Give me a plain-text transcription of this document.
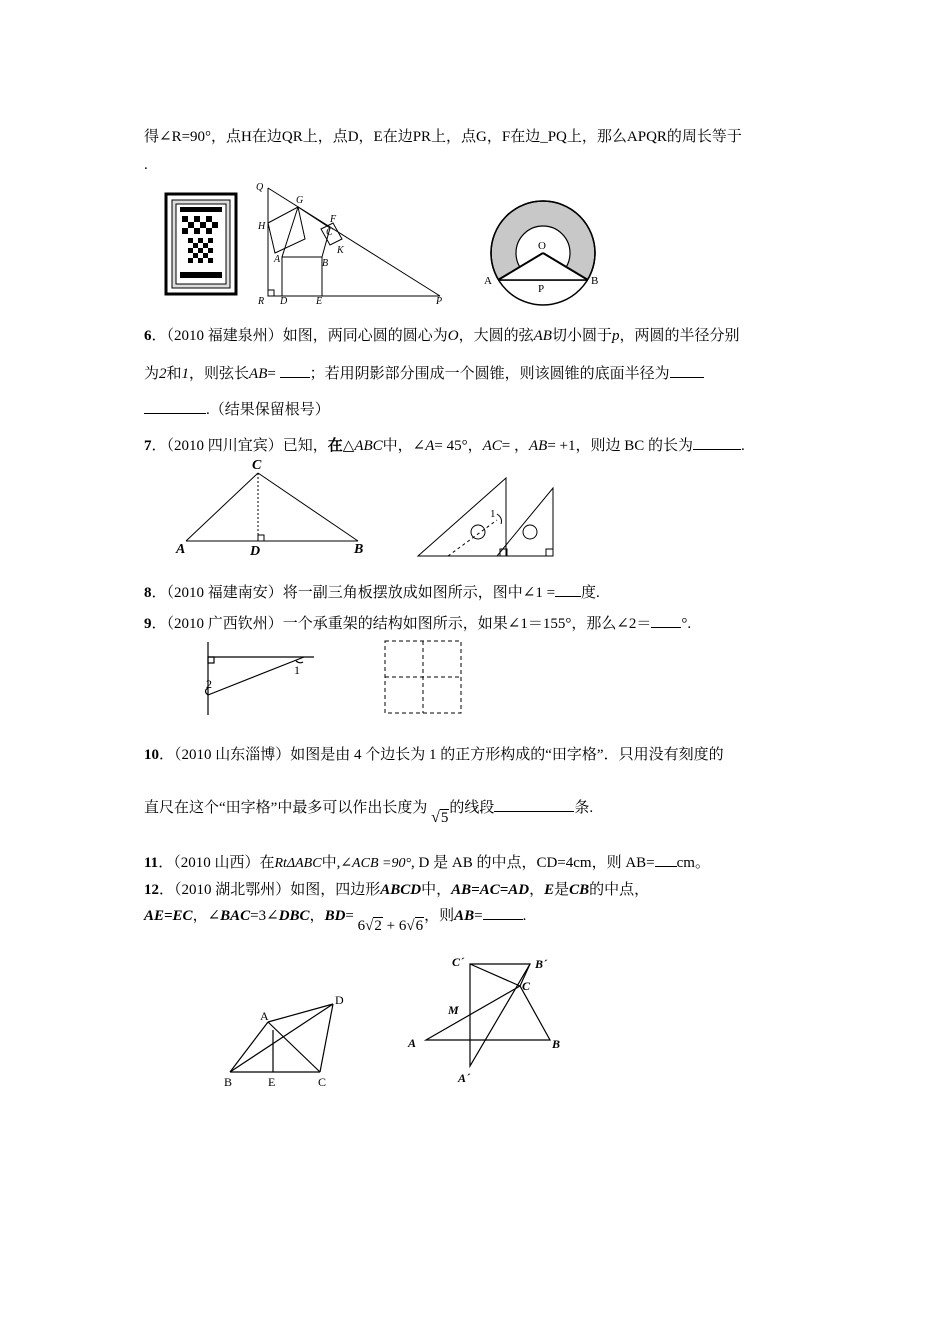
得∠R=90°，点H在边QR上，点D，E在边PR上，点G，F在边_PQ上，那么APQR的周长等于
.
Q
G
F
H
C
K
A	B
R D	E	P
O
A
P
B
6．（2010 福建泉州）如图，两同心圆的圆心为O，大圆的弦AB切小圆于p，两圆的半径分别
为2和1，则弦长AB= ；若用阴影部分围成一个圆锥，则该圆锥的底面半径为
.（结果保留根号）
7．（2010 四川宜宾）已知，在△ABC中，∠A= 45°，AC= ，AB= +1，则边 BC 的长为	.
C
A	D	B
1
8．（2010 福建南安）将一副三角板摆放成如图所示，图中∠1 = 度.
9．（2010 广西钦州）一个承重架的结构如图所示，如果∠1＝155°，那么∠2＝ °.
1
2
10．（2010 山东淄博）如图是由 4 个边长为 1 的正方形构成的“田字格”．只用没有刻度的
直尺在这个“田字格”中最多可以作出长度为 √5的线段	条.
11．（2010 山西）在RtΔABC中,∠ACB =90°, D 是 AB 的中点，CD=4cm，则 AB= cm。
12．（2010 湖北鄂州）如图，四边形ABCD中，AB=AC=AD，E是CB的中点，
AE=EC，∠BAC=3∠DBC，BD= 6√2 + 6√6，则AB=	.
A
D
B	E	C
C´	B´
C
M
A	B
A´
